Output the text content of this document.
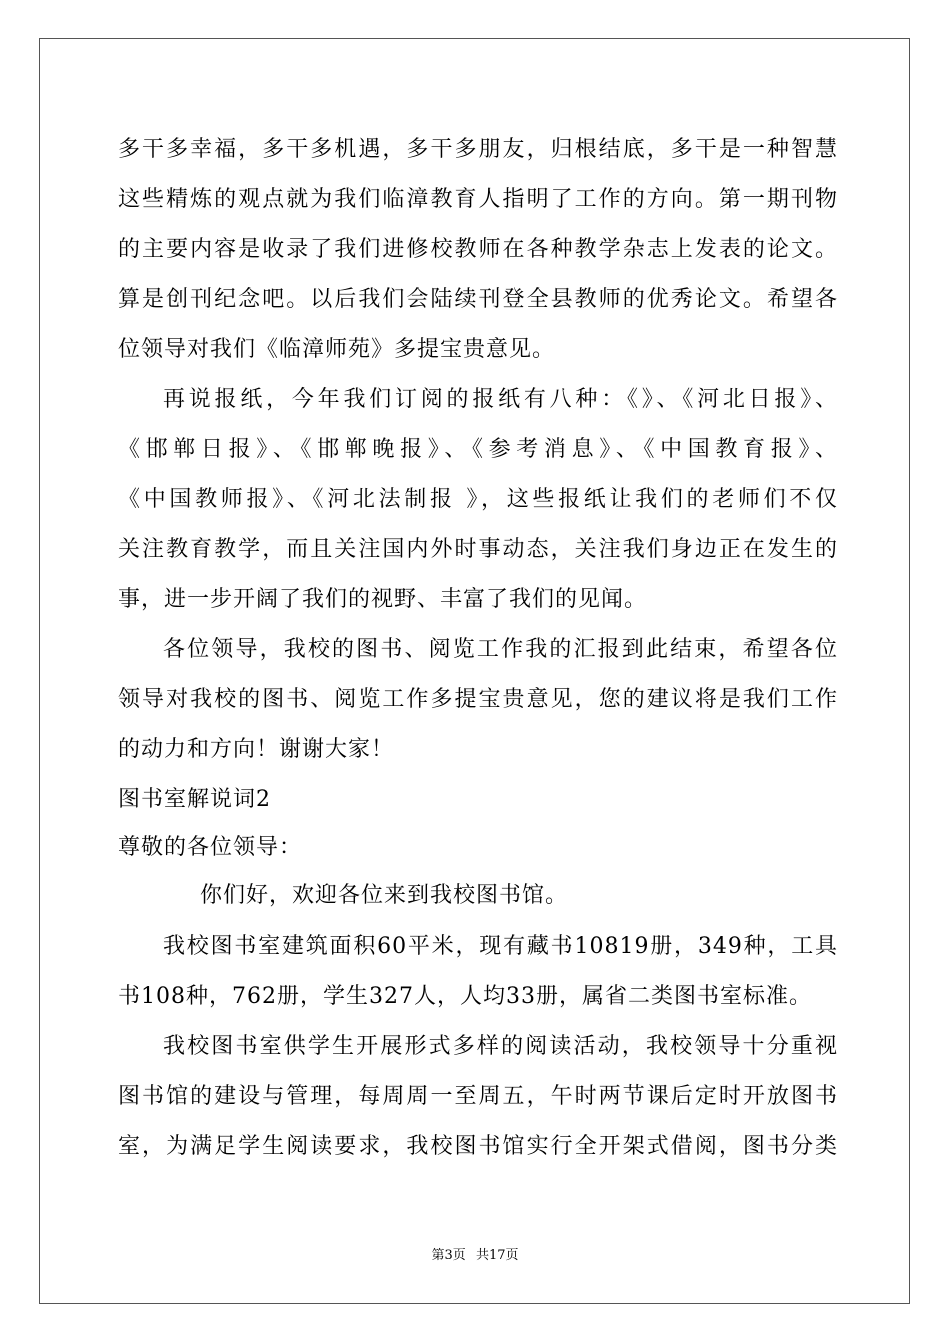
多干多幸福，多干多机遇，多干多朋友，归根结底，多干是一种智慧
这些精炼的观点就为我们临漳教育人指明了工作的方向。第一期刊物
的主要内容是收录了我们进修校教师在各种教学杂志上发表的论文。
算是创刊纪念吧。以后我们会陆续刊登全县教师的优秀论文。希望各
位领导对我们《临漳师苑》多提宝贵意见。
再说报纸，今年我们订阅的报纸有八种：《》、《河北日报》、
《邯郸日报》、《邯郸晚报》、《参考消息》、《中国教育报》、
《中国教师报》、《河北法制报 》，这些报纸让我们的老师们不仅
关注教育教学，而且关注国内外时事动态，关注我们身边正在发生的
事，进一步开阔了我们的视野、丰富了我们的见闻。
各位领导，我校的图书、阅览工作我的汇报到此结束，希望各位
领导对我校的图书、阅览工作多提宝贵意见，您的建议将是我们工作
的动力和方向！谢谢大家！
图书室解说词2
尊敬的各位领导：
你们好，欢迎各位来到我校图书馆。
我校图书室建筑面积60平米，现有藏书10819册，349种，工具
书108种，762册，学生327人，人均33册，属省二类图书室标准。
我校图书室供学生开展形式多样的阅读活动，我校领导十分重视
图书馆的建设与管理，每周周一至周五，午时两节课后定时开放图书
室，为满足学生阅读要求，我校图书馆实行全开架式借阅，图书分类
第3页 共17页
